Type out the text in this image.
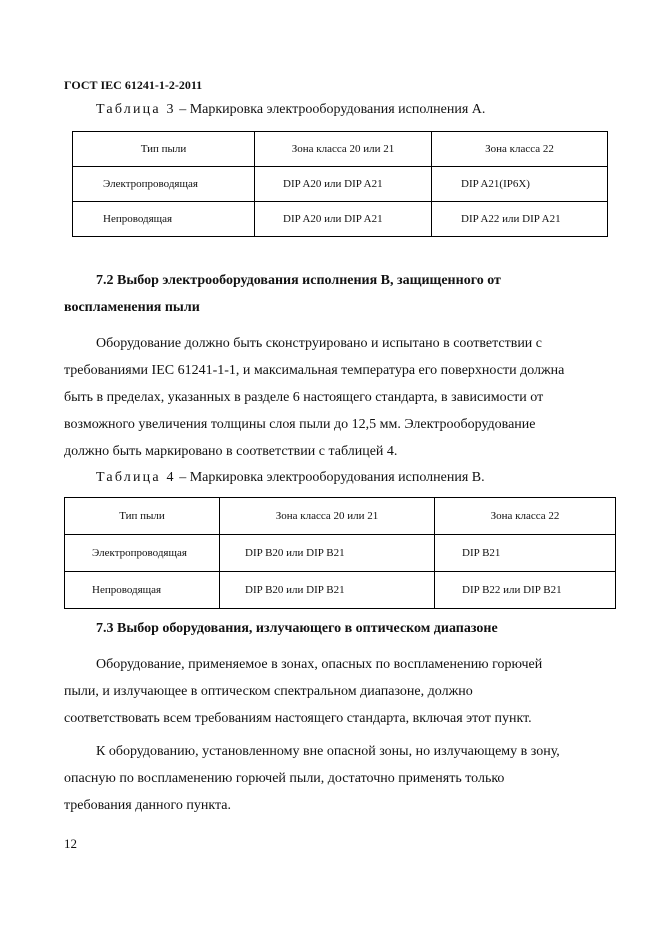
ГОСТ IEC 61241-1-2-2011
Таблица 3 – Маркировка электрооборудования исполнения А.
Тип пыли	Зона класса 20 или 21	Зона класса 22
Электропроводящая	DIP A20 или DIP A21	DIP A21(IP6X)
Непроводящая	DIP A20 или DIP A21	DIP A22 или DIP A21
7.2 Выбор электрооборудования исполнения В, защищенного от
воспламенения пыли
Оборудование должно быть сконструировано и испытано в соответствии с
требованиями IEC 61241-1-1, и максимальная температура его поверхности должна
быть в пределах, указанных в разделе 6 настоящего стандарта, в зависимости от
возможного увеличения толщины слоя пыли до 12,5 мм. Электрооборудование
должно быть маркировано в соответствии с таблицей 4.
Таблица 4 – Маркировка электрооборудования исполнения В.
Тип пыли	Зона класса 20 или 21	Зона класса 22
Электропроводящая	DIP B20 или DIP B21	DIP B21
Непроводящая	DIP B20 или DIP B21	DIP B22 или DIP B21
7.3 Выбор оборудования, излучающего в оптическом диапазоне
Оборудование, применяемое в зонах, опасных по воспламенению горючей
пыли, и излучающее в оптическом спектральном диапазоне, должно
соответствовать всем требованиям настоящего стандарта, включая этот пункт.
К оборудованию, установленному вне опасной зоны, но излучающему в зону,
опасную по воспламенению горючей пыли, достаточно применять только
требования данного пункта.
12
